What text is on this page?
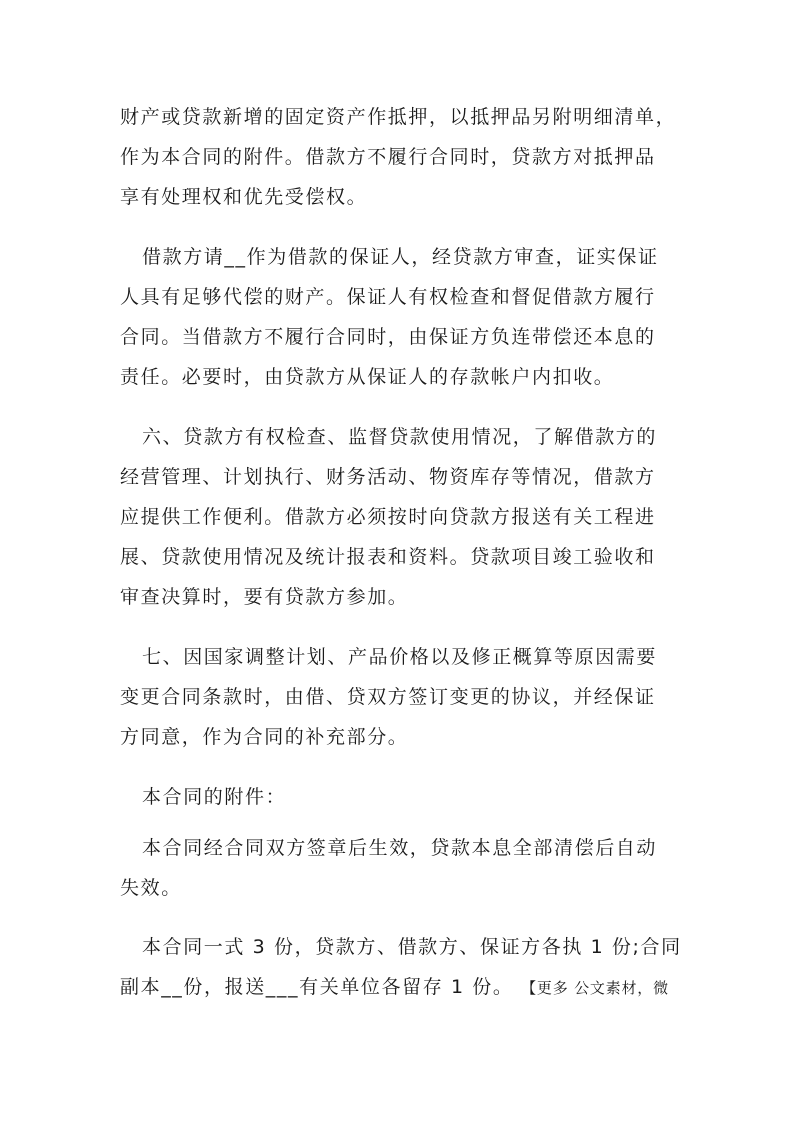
财产或贷款新增的固定资产作抵押，以抵押品另附明细清单，
作为本合同的附件。借款方不履行合同时，贷款方对抵押品
享有处理权和优先受偿权。

借款方请__作为借款的保证人，经贷款方审查，证实保证
人具有足够代偿的财产。保证人有权检查和督促借款方履行
合同。当借款方不履行合同时，由保证方负连带偿还本息的
责任。必要时，由贷款方从保证人的存款帐户内扣收。

六、贷款方有权检查、监督贷款使用情况，了解借款方的
经营管理、计划执行、财务活动、物资库存等情况，借款方
应提供工作便利。借款方必须按时向贷款方报送有关工程进
展、贷款使用情况及统计报表和资料。贷款项目竣工验收和
审查决算时，要有贷款方参加。

七、因国家调整计划、产品价格以及修正概算等原因需要
变更合同条款时，由借、贷双方签订变更的协议，并经保证
方同意，作为合同的补充部分。

本合同的附件：

本合同经合同双方签章后生效，贷款本息全部清偿后自动
失效。

本合同一式 3 份，贷款方、借款方、保证方各执 1 份;合同
副本__份，报送___有关单位各留存 1 份。 【更多 公文素材，微
